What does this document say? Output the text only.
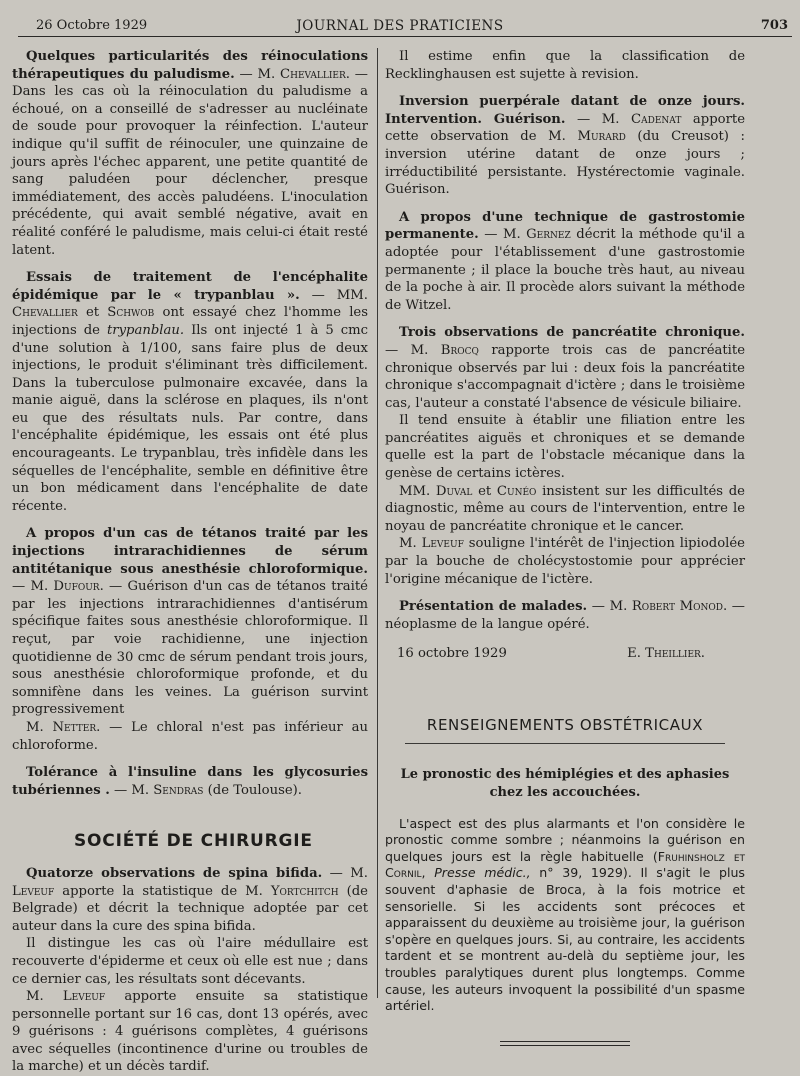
26 Octobre 1929	JOURNAL DES PRATICIENS	703

Quelques particularités des réinoculations thérapeutiques du paludisme. — M. Chevallier. — Dans les cas où la réinoculation du paludisme a échoué, on a conseillé de s'adresser au nucléinate de soude pour provoquer la réinfection. L'auteur indique qu'il suffit de réinoculer, une quinzaine de jours après l'échec apparent, une petite quantité de sang paludéen pour déclencher, presque immédiatement, des accès paludéens. L'inoculation précédente, qui avait semblé négative, avait en réalité conféré le paludisme, mais celui-ci était resté latent.

Essais de traitement de l'encéphalite épidémique par le « trypanblau ». — MM. Chevallier et Schwob ont essayé chez l'homme les injections de trypanblau. Ils ont injecté 1 à 5 cmc d'une solution à 1/100, sans faire plus de deux injections, le produit s'éliminant très difficilement. Dans la tuberculose pulmonaire excavée, dans la manie aiguë, dans la sclérose en plaques, ils n'ont eu que des résultats nuls. Par contre, dans l'encéphalite épidémique, les essais ont été plus encourageants. Le trypanblau, très infidèle dans les séquelles de l'encéphalite, semble en définitive être un bon médicament dans l'encéphalite de date récente.

A propos d'un cas de tétanos traité par les injections intrarachidiennes de sérum antitétanique sous anesthésie chloroformique. — M. Dufour. — Guérison d'un cas de tétanos traité par les injections intrarachidiennes d'antisérum spécifique faites sous anesthésie chloroformique. Il reçut, par voie rachidienne, une injection quotidienne de 30 cmc de sérum pendant trois jours, sous anesthésie chloroformique profonde, et du somnifène dans les veines. La guérison survint progressivement

M. Netter. — Le chloral n'est pas inférieur au chloroforme.

Tolérance à l'insuline dans les glycosuries tubériennes . — M. Sendras (de Toulouse).

SOCIÉTÉ DE CHIRURGIE

Quatorze observations de spina bifida. — M. Leveuf apporte la statistique de M. Yortchitch (de Belgrade) et décrit la technique adoptée par cet auteur dans la cure des spina bifida.

Il distingue les cas où l'aire médullaire est recouverte d'épiderme et ceux où elle est nue ; dans ce dernier cas, les résultats sont décevants.

M. Leveuf apporte ensuite sa statistique personnelle portant sur 16 cas, dont 13 opérés, avec 9 guérisons : 4 guérisons complètes, 4 guérisons avec séquelles (incontinence d'urine ou troubles de la marche) et un décès tardif.

Il estime enfin que la classification de Recklinghausen est sujette à revision.

Inversion puerpérale datant de onze jours. Intervention. Guérison. — M. Cadenat apporte cette observation de M. Murard (du Creusot) : inversion utérine datant de onze jours ; irréductibilité persistante. Hystérectomie vaginale. Guérison.

A propos d'une technique de gastrostomie permanente. — M. Gernez décrit la méthode qu'il a adoptée pour l'établissement d'une gastrostomie permanente ; il place la bouche très haut, au niveau de la poche à air. Il procède alors suivant la méthode de Witzel.

Trois observations de pancréatite chronique. — M. Brocq rapporte trois cas de pancréatite chronique observés par lui : deux fois la pancréatite chronique s'accompagnait d'ictère ; dans le troisième cas, l'auteur a constaté l'absence de vésicule biliaire.

Il tend ensuite à établir une filiation entre les pancréatites aiguës et chroniques et se demande quelle est la part de l'obstacle mécanique dans la genèse de certains ictères.

MM. Duval et Cunéo insistent sur les difficultés de diagnostic, même au cours de l'intervention, entre le noyau de pancréatite chronique et le cancer.

M. Leveuf souligne l'intérêt de l'injection lipiodolée par la bouche de cholécystostomie pour apprécier l'origine mécanique de l'ictère.

Présentation de malades. — M. Robert Monod. — néoplasme de la langue opéré.

16 octobre 1929	E. Theillier.
RENSEIGNEMENTS OBSTÉTRICAUX
Le pronostic des hémiplégies et des aphasies
chez les accouchées.

L'aspect est des plus alarmants et l'on considère le pronostic comme sombre ; néanmoins la guérison en quelques jours est la règle habituelle (Fruhinsholz et Cornil, Presse médic., n° 39, 1929). Il s'agit le plus souvent d'aphasie de Broca, à la fois motrice et sensorielle. Si les accidents sont précoces et apparaissent du deuxième au troisième jour, la guérison s'opère en quelques jours. Si, au contraire, les accidents tardent et se montrent au-delà du septième jour, les troubles paralytiques durent plus longtemps. Comme cause, les auteurs invoquent la possibilité d'un spasme artériel.
